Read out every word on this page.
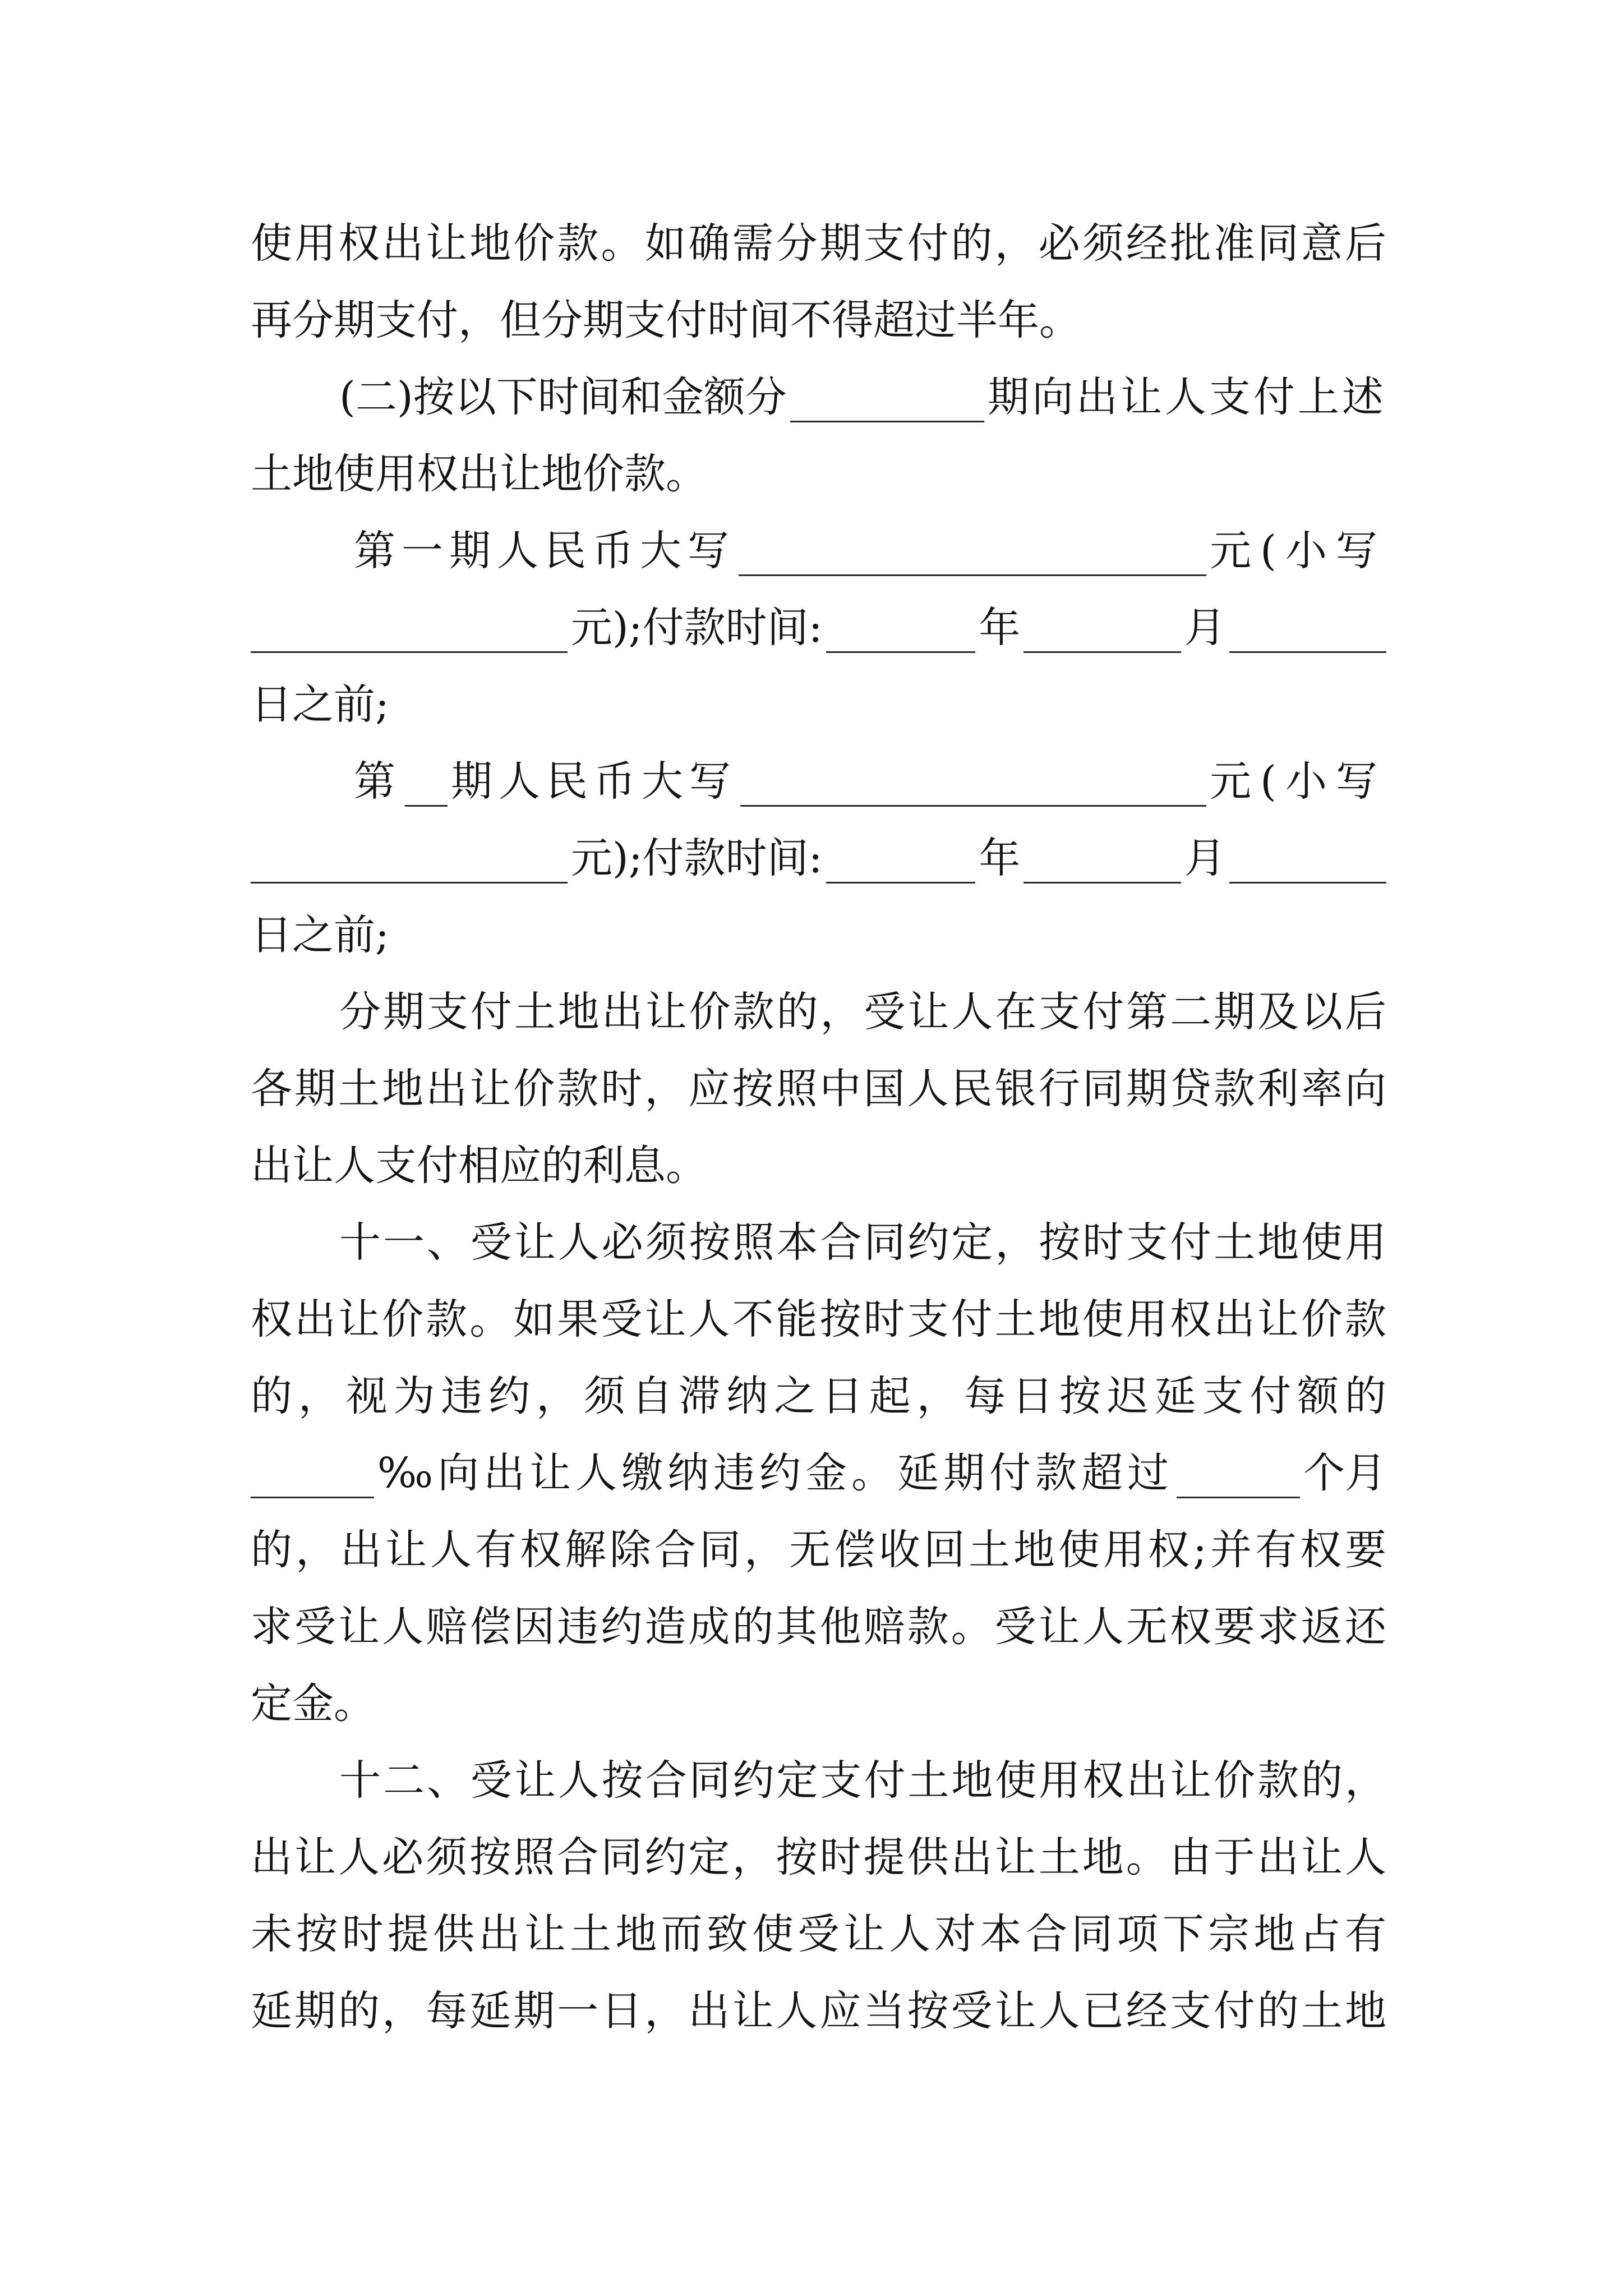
使用权出让地价款。如确需分期支付的，必须经批准同意后
再分期支付，但分期支付时间不得超过半年。
(二)按以下时间和金额分	期向出让人支付上述
土地使用权出让地价款。
第一期人民币大写	元(小写
元);付款时间:	年	月
日之前;
第 期人民币大写	元(小写
元);付款时间:	年	月
日之前;
分期支付土地出让价款的，受让人在支付第二期及以后
各期土地出让价款时，应按照中国人民银行同期贷款利率向
出让人支付相应的利息。
十一、受让人必须按照本合同约定，按时支付土地使用
权出让价款。如果受让人不能按时支付土地使用权出让价款
的，视为违约，须自滞纳之日起，每日按迟延支付额的
‰向出让人缴纳违约金。延期付款超过	个月
的，出让人有权解除合同，无偿收回土地使用权;并有权要
求受让人赔偿因违约造成的其他赔款。受让人无权要求返还
定金。
十二、受让人按合同约定支付土地使用权出让价款的，
出让人必须按照合同约定，按时提供出让土地。由于出让人
未按时提供出让土地而致使受让人对本合同项下宗地占有
延期的，每延期一日，出让人应当按受让人已经支付的土地
